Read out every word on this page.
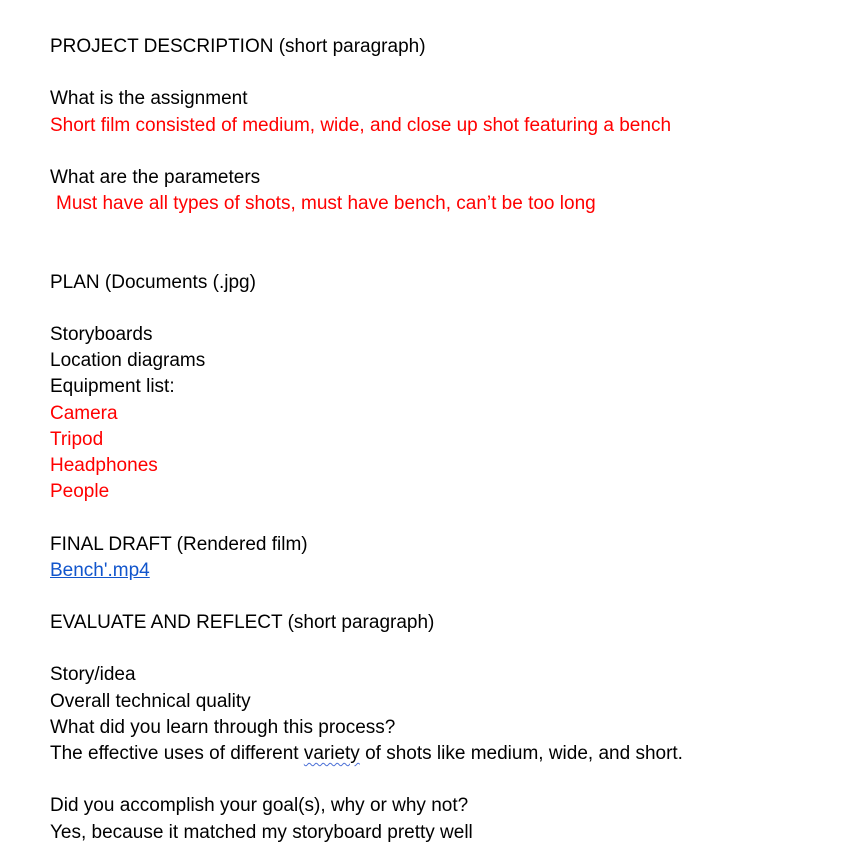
PROJECT DESCRIPTION (short paragraph)
What is the assignment
Short film consisted of medium, wide, and close up shot featuring a bench
What are the parameters
Must have all types of shots, must have bench, can’t be too long
PLAN (Documents (.jpg)
Storyboards
Location diagrams
Equipment list:
Camera
Tripod
Headphones
People
FINAL DRAFT (Rendered film)
Bench'.mp4
EVALUATE AND REFLECT (short paragraph)
Story/idea
Overall technical quality
What did you learn through this process?
The effective uses of different variety of shots like medium, wide, and short.
Did you accomplish your goal(s), why or why not?
Yes, because it matched my storyboard pretty well
